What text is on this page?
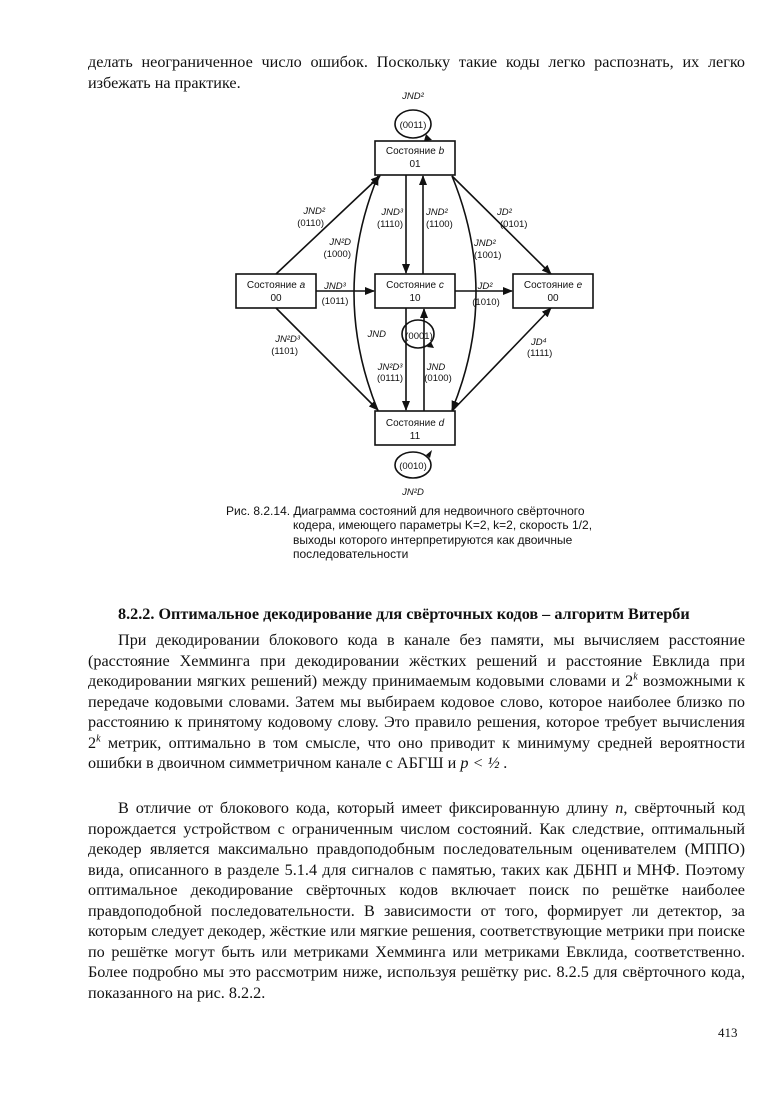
делать неограниченное число ошибок. Поскольку такие коды легко распознать, их легко избежать на практике.
Состояние b
01
Состояние a
00
Состояние c
10
Состояние e
00
Состояние d
11
JND²
(0011)
JND²
(0110)
JND³
(1110)
JND²
(1100)
JD²
(0101)
JN²D
(1000)
JND²
(1001)
JND³
(1011)
JD²
(1010)
JND (0001)
JN²D³
(1101)
JN²D³
(0111)
JND
(0100)
JD⁴
(1111)
(0010)
JN²D
Рис. 8.2.14. Диаграмма состояний для недвоичного свёрточного
кодера, имеющего параметры K=2, k=2, скорость 1/2, выходы которого интерпретируются как двоичные последовательности
8.2.2. Оптимальное декодирование для свёрточных кодов – алгоритм Витерби
При декодировании блокового кода в канале без памяти, мы вычисляем расстояние (расстояние Хемминга при декодировании жёстких решений и расстояние Евклида при декодировании мягких решений) между принимаемым кодовыми словами и 2$^k$ возможными к передаче кодовыми словами. Затем мы выбираем кодовое слово, которое наиболее близко по расстоянию к принятому кодовому слову. Это правило решения, которое требует вычисления 2$^k$ метрик, оптимально в том смысле, что оно приводит к минимуму средней вероятности ошибки в двоичном симметричном канале с АБГШ и p < ½ .
В отличие от блокового кода, который имеет фиксированную длину n, свёрточный код порождается устройством с ограниченным числом состояний. Как следствие, оптимальный декодер является максимально правдоподобным последовательным оценивателем (МППО) вида, описанного в разделе 5.1.4 для сигналов с памятью, таких как ДБНП и МНФ. Поэтому оптимальное декодирование свёрточных кодов включает поиск по решётке наиболее правдоподобной последовательности. В зависимости от того, формирует ли детектор, за которым следует декодер, жёсткие или мягкие решения, соответствующие метрики при поиске по решётке могут быть или метриками Хемминга или метриками Евклида, соответственно. Более подробно мы это рассмотрим ниже, используя решётку рис. 8.2.5 для свёрточного кода, показанного на рис. 8.2.2.
413
